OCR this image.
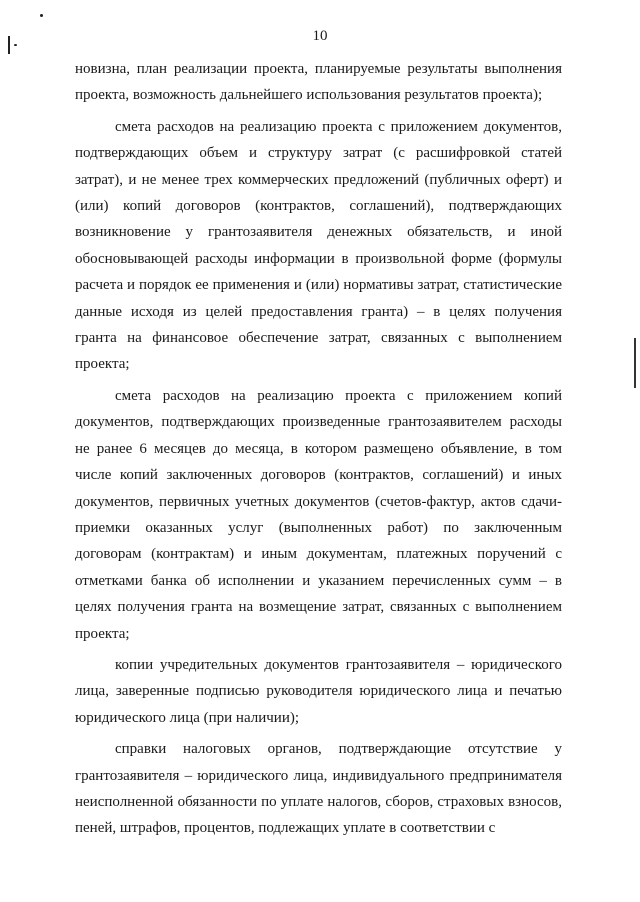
10

новизна, план реализации проекта, планируемые результаты выполнения проекта, возможность дальнейшего использования результатов проекта);

смета расходов на реализацию проекта с приложением документов, подтверждающих объем и структуру затрат (с расшифровкой статей затрат), и не менее трех коммерческих предложений (публичных оферт) и (или) копий договоров (контрактов, соглашений), подтверждающих возникновение у грантозаявителя денежных обязательств, и иной обосновывающей расходы информации в произвольной форме (формулы расчета и порядок ее применения и (или) нормативы затрат, статистические данные исходя из целей предоставления гранта) – в целях получения гранта на финансовое обеспечение затрат, связанных с выполнением проекта;

смета расходов на реализацию проекта с приложением копий документов, подтверждающих произведенные грантозаявителем расходы не ранее 6 месяцев до месяца, в котором размещено объявление, в том числе копий заключенных договоров (контрактов, соглашений) и иных документов, первичных учетных документов (счетов-фактур, актов сдачи-приемки оказанных услуг (выполненных работ) по заключенным договорам (контрактам) и иным документам, платежных поручений с отметками банка об исполнении и указанием перечисленных сумм – в целях получения гранта на возмещение затрат, связанных с выполнением проекта;

копии учредительных документов грантозаявителя – юридического лица, заверенные подписью руководителя юридического лица и печатью юридического лица (при наличии);

справки налоговых органов, подтверждающие отсутствие у грантозаявителя – юридического лица, индивидуального предпринимателя неисполненной обязанности по уплате налогов, сборов, страховых взносов, пеней, штрафов, процентов, подлежащих уплате в соответствии с
